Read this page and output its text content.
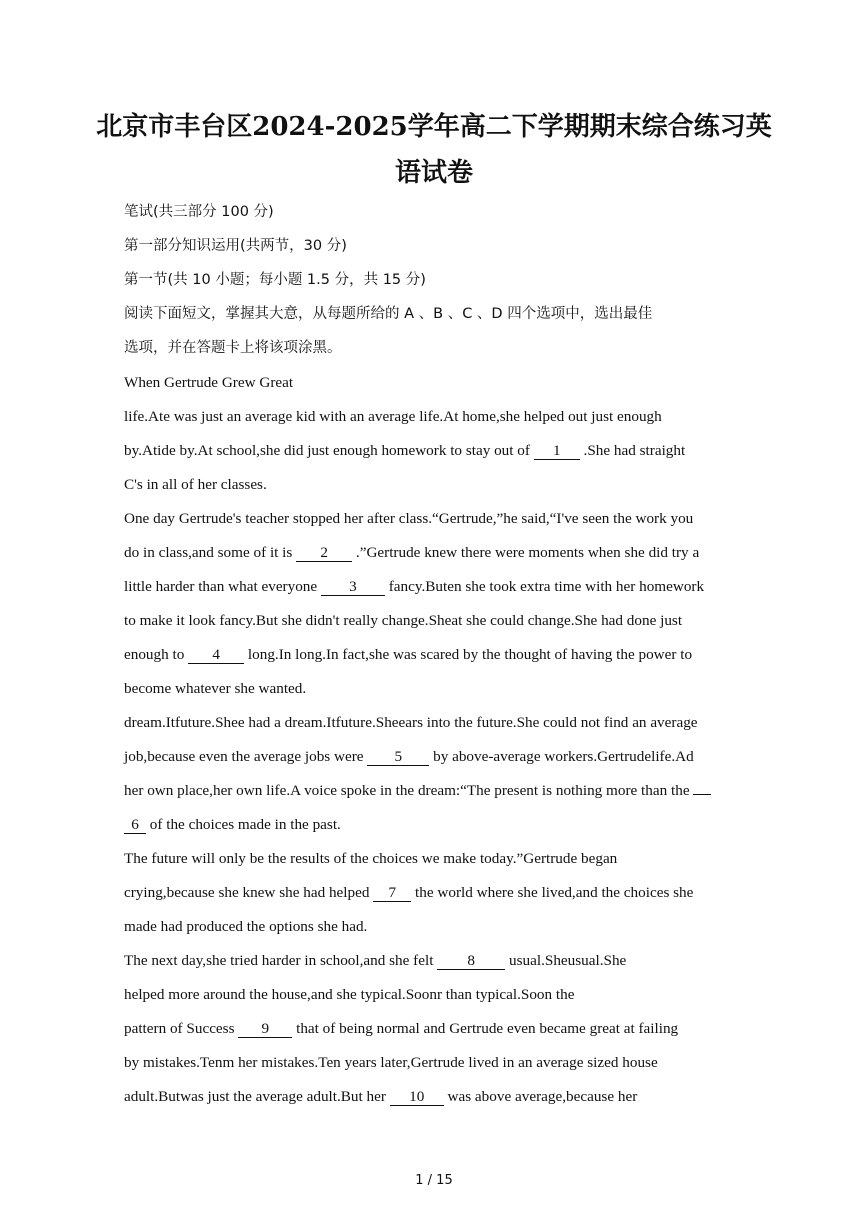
北京市丰台区2024-2025学年高二下学期期末综合练习英
语试卷
笔试(共三部分 100 分)
第一部分知识运用(共两节，30 分)
第一节(共 10 小题；每小题 1.5 分，共 15 分)
阅读下面短文，掌握其大意，从每题所给的 A 、B 、C 、D 四个选项中，选出最佳
选项，并在答题卡上将该项涂黑。
When Gertrude Grew Great
life.Ate was just an average kid with an average life.At home,she helped out just enough
by.Atide by.At school,she did just enough homework to stay out of 1 .She had straight
C's in all of her classes.
One day Gertrude's teacher stopped her after class.“Gertrude,”he said,“I've seen the work you
do in class,and some of it is 2 .”Gertrude knew there were moments when she did try a
little harder than what everyone 3 fancy.Buten she took extra time with her homework
to make it look fancy.But she didn't really change.Sheat she could change.She had done just
enough to 4 long.In long.In fact,she was scared by the thought of having the power to
become whatever she wanted.
dream.Itfuture.Shee had a dream.Itfuture.Sheears into the future.She could not find an average
job,because even the average jobs were 5 by above-average workers.Gertrudelife.Ad
her own place,her own life.A voice spoke in the dream:“The present is nothing more than the
6 of the choices made in the past.
The future will only be the results of the choices we make today.”Gertrude began
crying,because she knew she had helped 7 the world where she lived,and the choices she
made had produced the options she had.
The next day,she tried harder in school,and she felt 8 usual.Sheusual.She
helped more around the house,and she typical.Soonr than typical.Soon the
pattern of Success 9 that of being normal and Gertrude even became great at failing
by mistakes.Tenm her mistakes.Ten years later,Gertrude lived in an average sized house
adult.Butwas just the average adult.But her 10 was above average,because her
1 / 15
